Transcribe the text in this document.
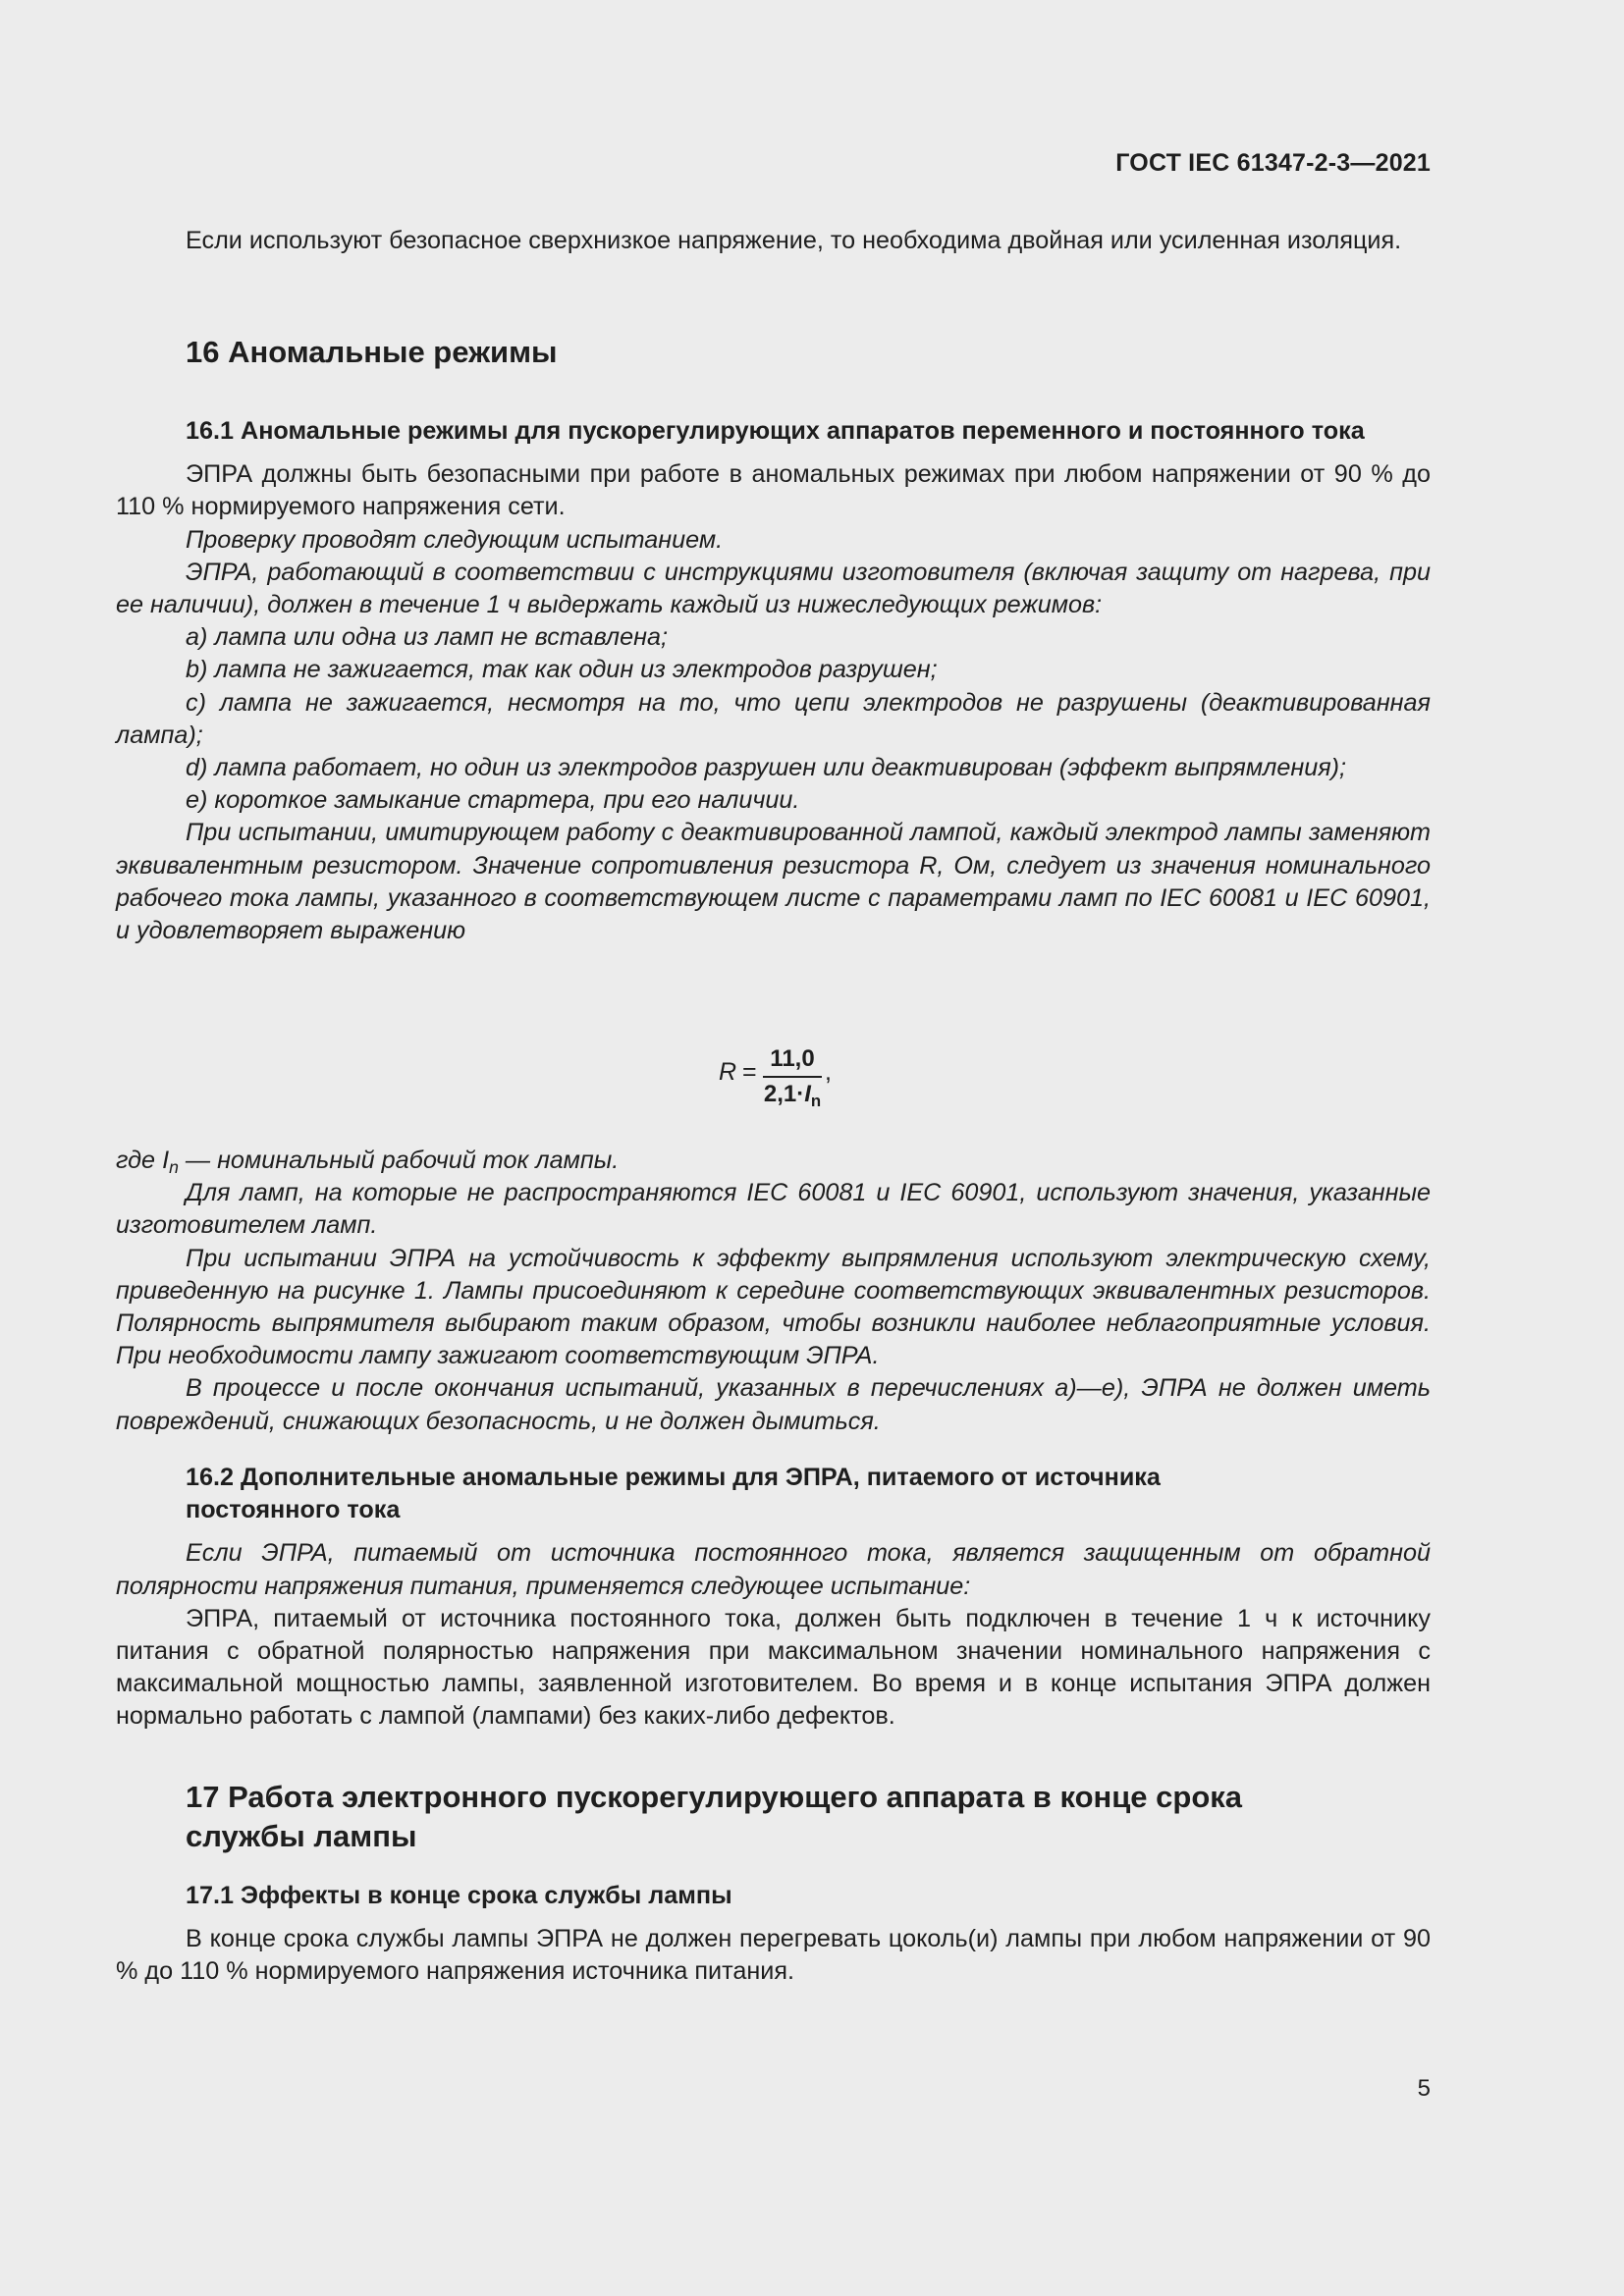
ГОСТ IEC 61347-2-3—2021

Если используют безопасное сверхнизкое напряжение, то необходима двойная или усиленная изоляция.

16 Аномальные режимы
16.1 Аномальные режимы для пускорегулирующих аппаратов переменного и постоянного тока

ЭПРА должны быть безопасными при работе в аномальных режимах при любом напряжении от 90 % до 110 % нормируемого напряжения сети.

Проверку проводят следующим испытанием.

ЭПРА, работающий в соответствии с инструкциями изготовителя (включая защиту от нагрева, при ее наличии), должен в течение 1 ч выдержать каждый из нижеследующих режимов:

a) лампа или одна из ламп не вставлена;

b) лампа не зажигается, так как один из электродов разрушен;

c) лампа не зажигается, несмотря на то, что цепи электродов не разрушены (деактивированная лампа);

d) лампа работает, но один из электродов разрушен или деактивирован (эффект выпрямления);

e) короткое замыкание стартера, при его наличии.

При испытании, имитирующем работу с деактивированной лампой, каждый электрод лампы заменяют эквивалентным резистором. Значение сопротивления резистора R, Ом, следует из значения номинального рабочего тока лампы, указанного в соответствующем листе с параметрами ламп по IEC 60081 и IEC 60901, и удовлетворяет выражению

R = 11,0
$2,1\cdot I_n$
,

где $I_n$ — номинальный рабочий ток лампы.

Для ламп, на которые не распространяются IEC 60081 и IEC 60901, используют значения, указанные изготовителем ламп.

При испытании ЭПРА на устойчивость к эффекту выпрямления используют электрическую схему, приведенную на рисунке 1. Лампы присоединяют к середине соответствующих эквивалентных резисторов. Полярность выпрямителя выбирают таким образом, чтобы возникли наиболее неблагоприятные условия. При необходимости лампу зажигают соответствующим ЭПРА.

В процессе и после окончания испытаний, указанных в перечислениях а)—е), ЭПРА не должен иметь повреждений, снижающих безопасность, и не должен дымиться.

16.2 Дополнительные аномальные режимы для ЭПРА, питаемого от источника постоянного тока

Если ЭПРА, питаемый от источника постоянного тока, является защищенным от обратной полярности напряжения питания, применяется следующее испытание:

ЭПРА, питаемый от источника постоянного тока, должен быть подключен в течение 1 ч к источнику питания с обратной полярностью напряжения при максимальном значении номинального напряжения с максимальной мощностью лампы, заявленной изготовителем. Во время и в конце испытания ЭПРА должен нормально работать с лампой (лампами) без каких-либо дефектов.

17 Работа электронного пускорегулирующего аппарата в конце срока службы лампы
17.1 Эффекты в конце срока службы лампы

В конце срока службы лампы ЭПРА не должен перегревать цоколь(и) лампы при любом напряжении от 90 % до 110 % нормируемого напряжения источника питания.

5
